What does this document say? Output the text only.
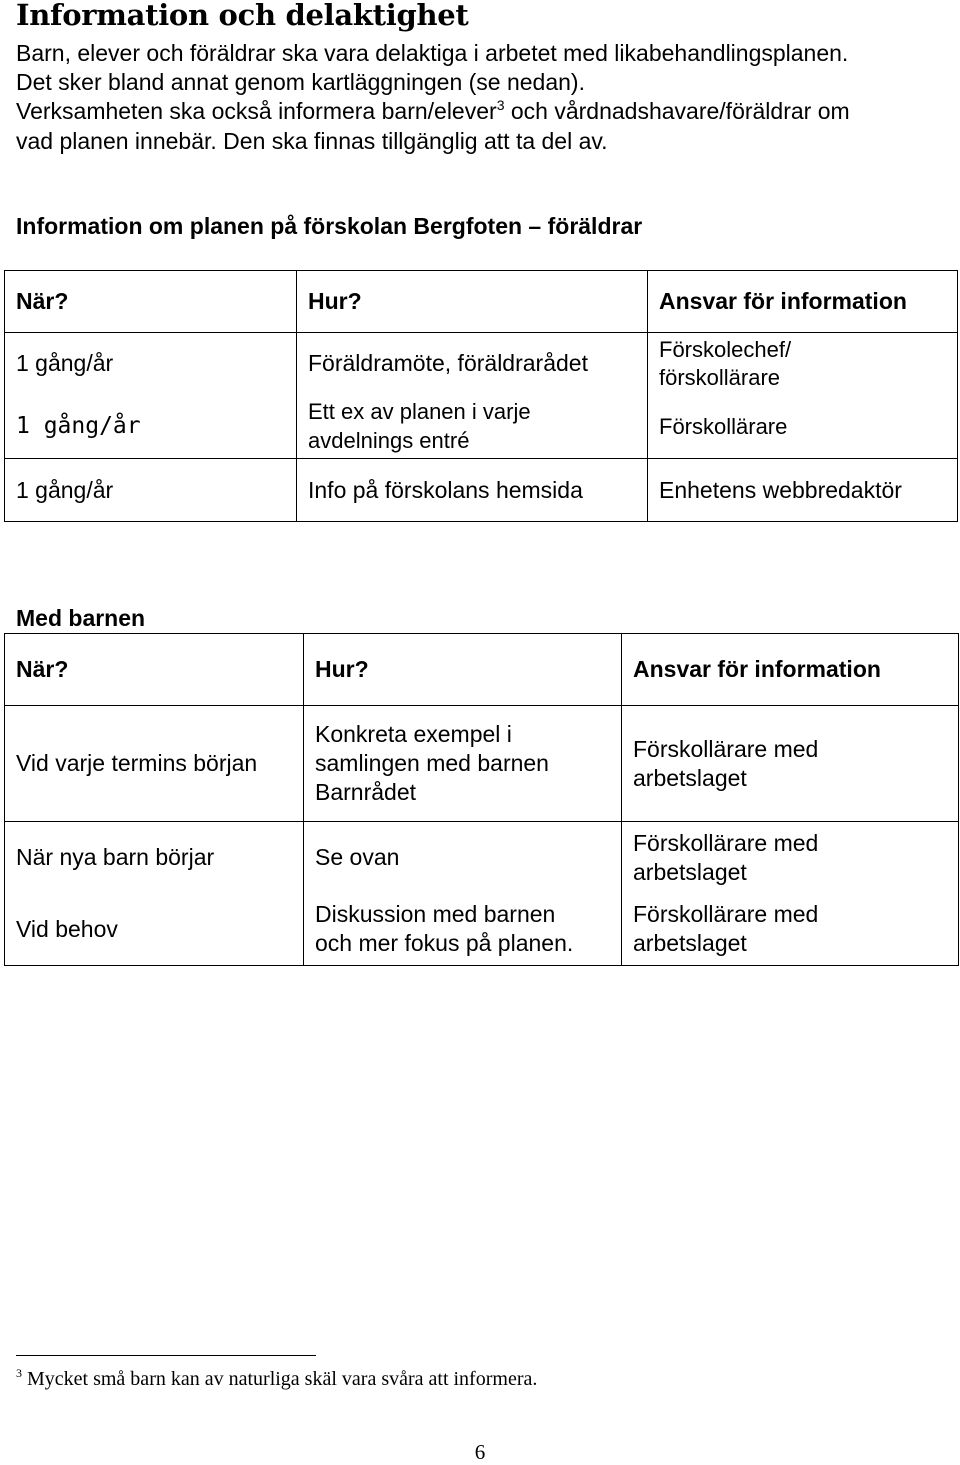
Information och delaktighet
Barn, elever och föräldrar ska vara delaktiga i arbetet med likabehandlingsplanen.
Det sker bland annat genom kartläggningen (se nedan).
Verksamheten ska också informera barn/elever$^3$ och vårdnadshavare/föräldrar om
vad planen innebär. Den ska finnas tillgänglig att ta del av.
Information om planen på förskolan Bergfoten – föräldrar
När?	Hur?	Ansvar för information
1 gång/år	Föräldramöte, föräldrarådet	Förskolechef/
förskollärare
1 gång/år	Ett ex av planen i varje
avdelnings entré	Förskollärare
1 gång/år	Info på förskolans hemsida	Enhetens webbredaktör
Med barnen
När?	Hur?	Ansvar för information
Vid varje termins början	Konkreta exempel i
samlingen med barnen
Barnrådet	Förskollärare med
arbetslaget
När nya barn börjar	Se ovan	Förskollärare med
arbetslaget
Vid behov	Diskussion med barnen
och mer fokus på planen.	Förskollärare med
arbetslaget
$^3$ Mycket små barn kan av naturliga skäl vara svåra att informera.
6
